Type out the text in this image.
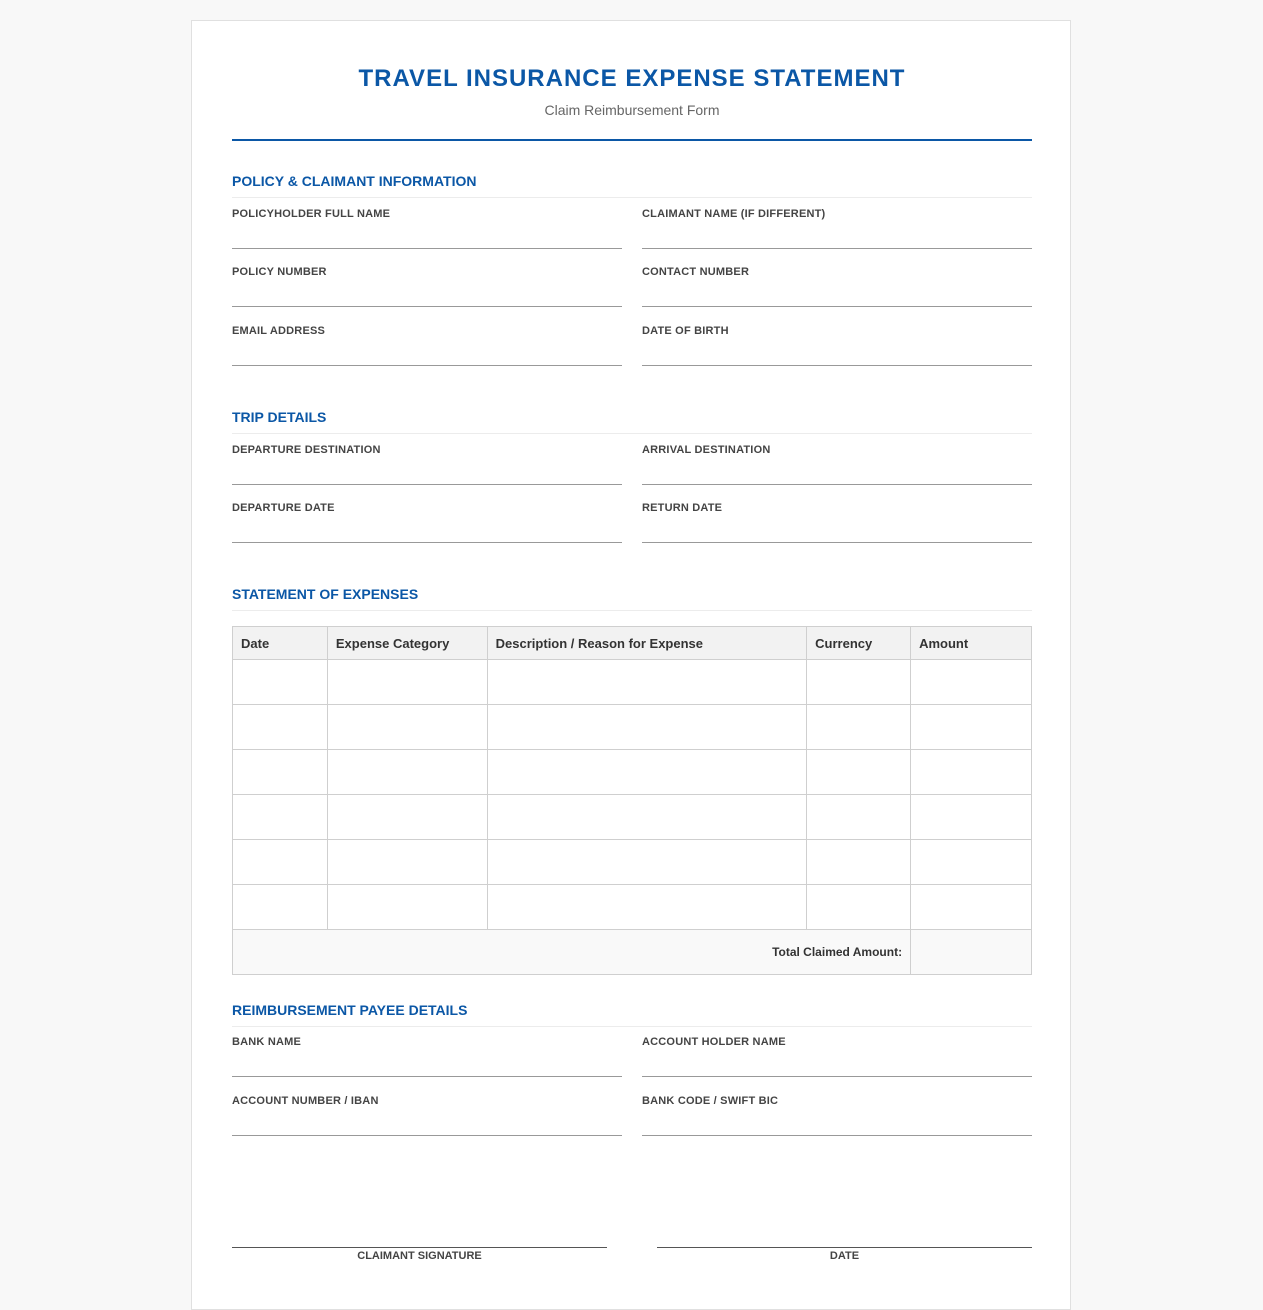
TRAVEL INSURANCE EXPENSE STATEMENT
Claim Reimbursement Form
POLICY & CLAIMANT INFORMATION
POLICYHOLDER FULL NAME	CLAIMANT NAME (IF DIFFERENT)
POLICY NUMBER	CONTACT NUMBER
EMAIL ADDRESS	DATE OF BIRTH
TRIP DETAILS
DEPARTURE DESTINATION	ARRIVAL DESTINATION
DEPARTURE DATE	RETURN DATE
STATEMENT OF EXPENSES
Date	Expense Category	Description / Reason for Expense	Currency	Amount

Total Claimed Amount:				
REIMBURSEMENT PAYEE DETAILS
BANK NAME	ACCOUNT HOLDER NAME
ACCOUNT NUMBER / IBAN	BANK CODE / SWIFT BIC
CLAIMANT SIGNATURE	DATE
